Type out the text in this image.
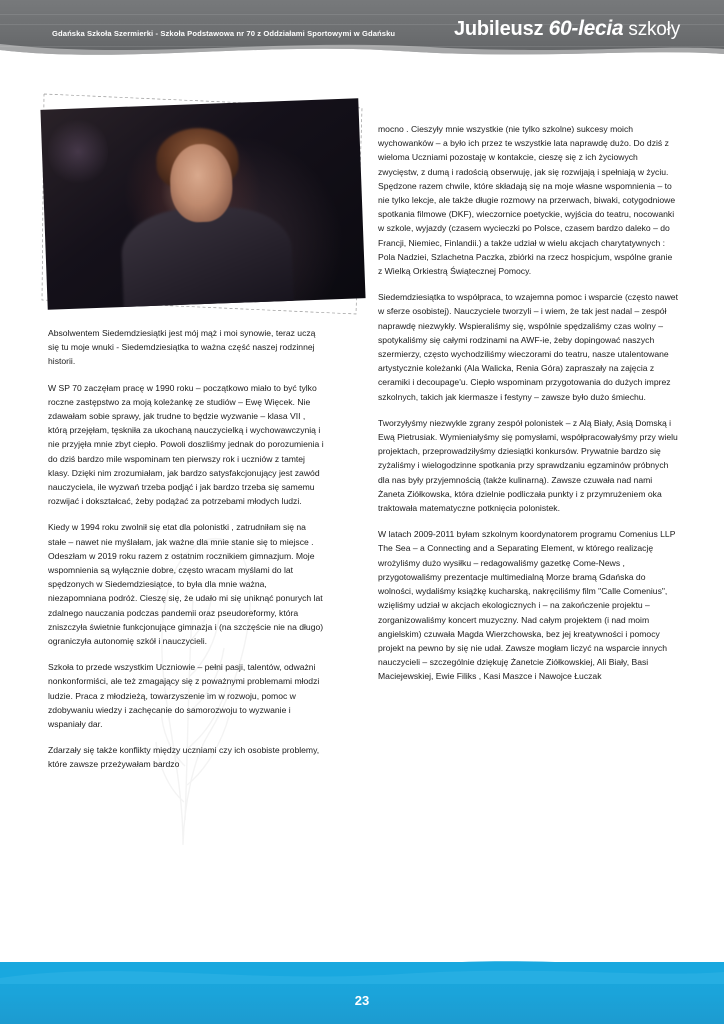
Gdańska Szkoła Szermierki - Szkoła Podstawowa nr 70 z Oddziałami Sportowymi w Gdańsku	Jubileusz 60-lecia szkoły

Absolwentem Siedemdziesiątki jest mój mąż i moi synowie, teraz uczą się tu moje wnuki - Siedemdziesiątka to ważna część naszej rodzinnej historii.

W SP 70 zaczęłam pracę w 1990 roku – początkowo miało to być tylko roczne zastępstwo za moją koleżankę ze studiów – Ewę Więcek. Nie zdawałam sobie sprawy, jak trudne to będzie wyzwanie – klasa VII , którą przejęłam, tęskniła za ukochaną nauczycielką i wychowawczynią i nie przyjęła mnie zbyt ciepło. Powoli doszliśmy jednak do porozumienia i do dziś bardzo mile wspominam ten pierwszy rok i uczniów z tamtej klasy. Dzięki nim zrozumiałam, jak bardzo satysfakcjonujący jest zawód nauczyciela, ile wyzwań trzeba podjąć i jak bardzo trzeba się samemu rozwijać i dokształcać, żeby podążać za potrzebami młodych ludzi.

Kiedy w 1994 roku zwolnił się etat dla polonistki , zatrudniłam się na stałe – nawet nie myślałam, jak ważne dla mnie stanie się to miejsce . Odeszłam w 2019 roku razem z ostatnim rocznikiem gimnazjum. Moje wspomnienia są wyłącznie dobre, często wracam myślami do lat spędzonych w Siedemdziesiątce, to była dla mnie ważna, niezapomniana podróż. Cieszę się, że udało mi się uniknąć ponurych lat zdalnego nauczania podczas pandemii oraz pseudoreformy, która zniszczyła świetnie funkcjonujące gimnazja i (na szczęście nie na długo) ograniczyła autonomię szkół i nauczycieli.

Szkoła to przede wszystkim Uczniowie – pełni pasji, talentów, odważni nonkonformiści, ale też zmagający się z poważnymi problemami młodzi ludzie. Praca z młodzieżą, towarzyszenie im w rozwoju, pomoc w zdobywaniu wiedzy i zachęcanie do samorozwoju to wyzwanie i wspaniały dar.

Zdarzały się także konflikty między uczniami czy ich osobiste problemy, które zawsze przeżywałam bardzo

mocno . Cieszyły mnie wszystkie (nie tylko szkolne) sukcesy moich wychowanków – a było ich przez te wszystkie lata naprawdę dużo. Do dziś z wieloma Uczniami pozostaję w kontakcie, cieszę się z ich życiowych zwycięstw, z dumą i radością obserwuję, jak się rozwijają i spełniają w życiu. Spędzone razem chwile, które składają się na moje własne wspomnienia – to nie tylko lekcje, ale także długie rozmowy na przerwach, biwaki, cotygodniowe spotkania filmowe (DKF), wieczornice poetyckie, wyjścia do teatru, nocowanki w szkole, wyjazdy (czasem wycieczki po Polsce, czasem bardzo daleko – do Francji, Niemiec, Finlandii.) a także udział w wielu akcjach charytatywnych : Pola Nadziei, Szlachetna Paczka, zbiórki na rzecz hospicjum, wspólne granie z Wielką Orkiestrą Świątecznej Pomocy.

Siedemdziesiątka to współpraca, to wzajemna pomoc i wsparcie (często nawet w sferze osobistej). Nauczyciele tworzyli – i wiem, że tak jest nadal – zespół naprawdę niezwykły. Wspieraliśmy się, wspólnie spędzaliśmy czas wolny – spotykaliśmy się całymi rodzinami na AWF-ie, żeby dopingować naszych szermierzy, często wychodziliśmy wieczorami do teatru, nasze utalentowane artystycznie koleżanki (Ala Walicka, Renia Góra) zapraszały na zajęcia z ceramiki i decoupage'u. Ciepło wspominam przygotowania do dużych imprez szkolnych, takich jak kiermasze i festyny – zawsze było dużo śmiechu.

Tworzyłyśmy niezwykle zgrany zespół polonistek – z Alą Biały, Asią Domską i Ewą Pietrusiak. Wymieniałyśmy się pomysłami, współpracowałyśmy przy wielu projektach, przeprowadziłyśmy dziesiątki konkursów. Prywatnie bardzo się zyżaliśmy i wielogodzinne spotkania przy sprawdzaniu egzaminów próbnych dla nas były przyjemnością (także kulinarną). Zawsze czuwała nad nami Żaneta Ziółkowska, która dzielnie podliczała punkty i z przymrużeniem oka traktowała matematyczne potknięcia polonistek.

W latach 2009-2011 byłam szkolnym koordynatorem programu Comenius LLP The Sea – a Connecting and a Separating Element, w którego realizację wrożyliśmy dużo wysiłku – redagowaliśmy gazetkę Come-News , przygotowaliśmy prezentacje multimedialną Morze bramą Gdańska do wolności, wydaliśmy książkę kucharską, nakręciliśmy film "Calle Comenius", wzięliśmy udział w akcjach ekologicznych i – na zakończenie projektu – zorganizowaliśmy koncert muzyczny. Nad całym projektem (i nad moim angielskim) czuwała Magda Wierzchowska, bez jej kreatywności i pomocy projekt na pewno by się nie udał. Zawsze mogłam liczyć na wsparcie innych nauczycieli – szczególnie dziękuję Żanetcie Ziółkowskiej, Ali Biały, Basi Maciejewskiej, Ewie Filiks , Kasi Maszce i Nawojce Łuczak

23
